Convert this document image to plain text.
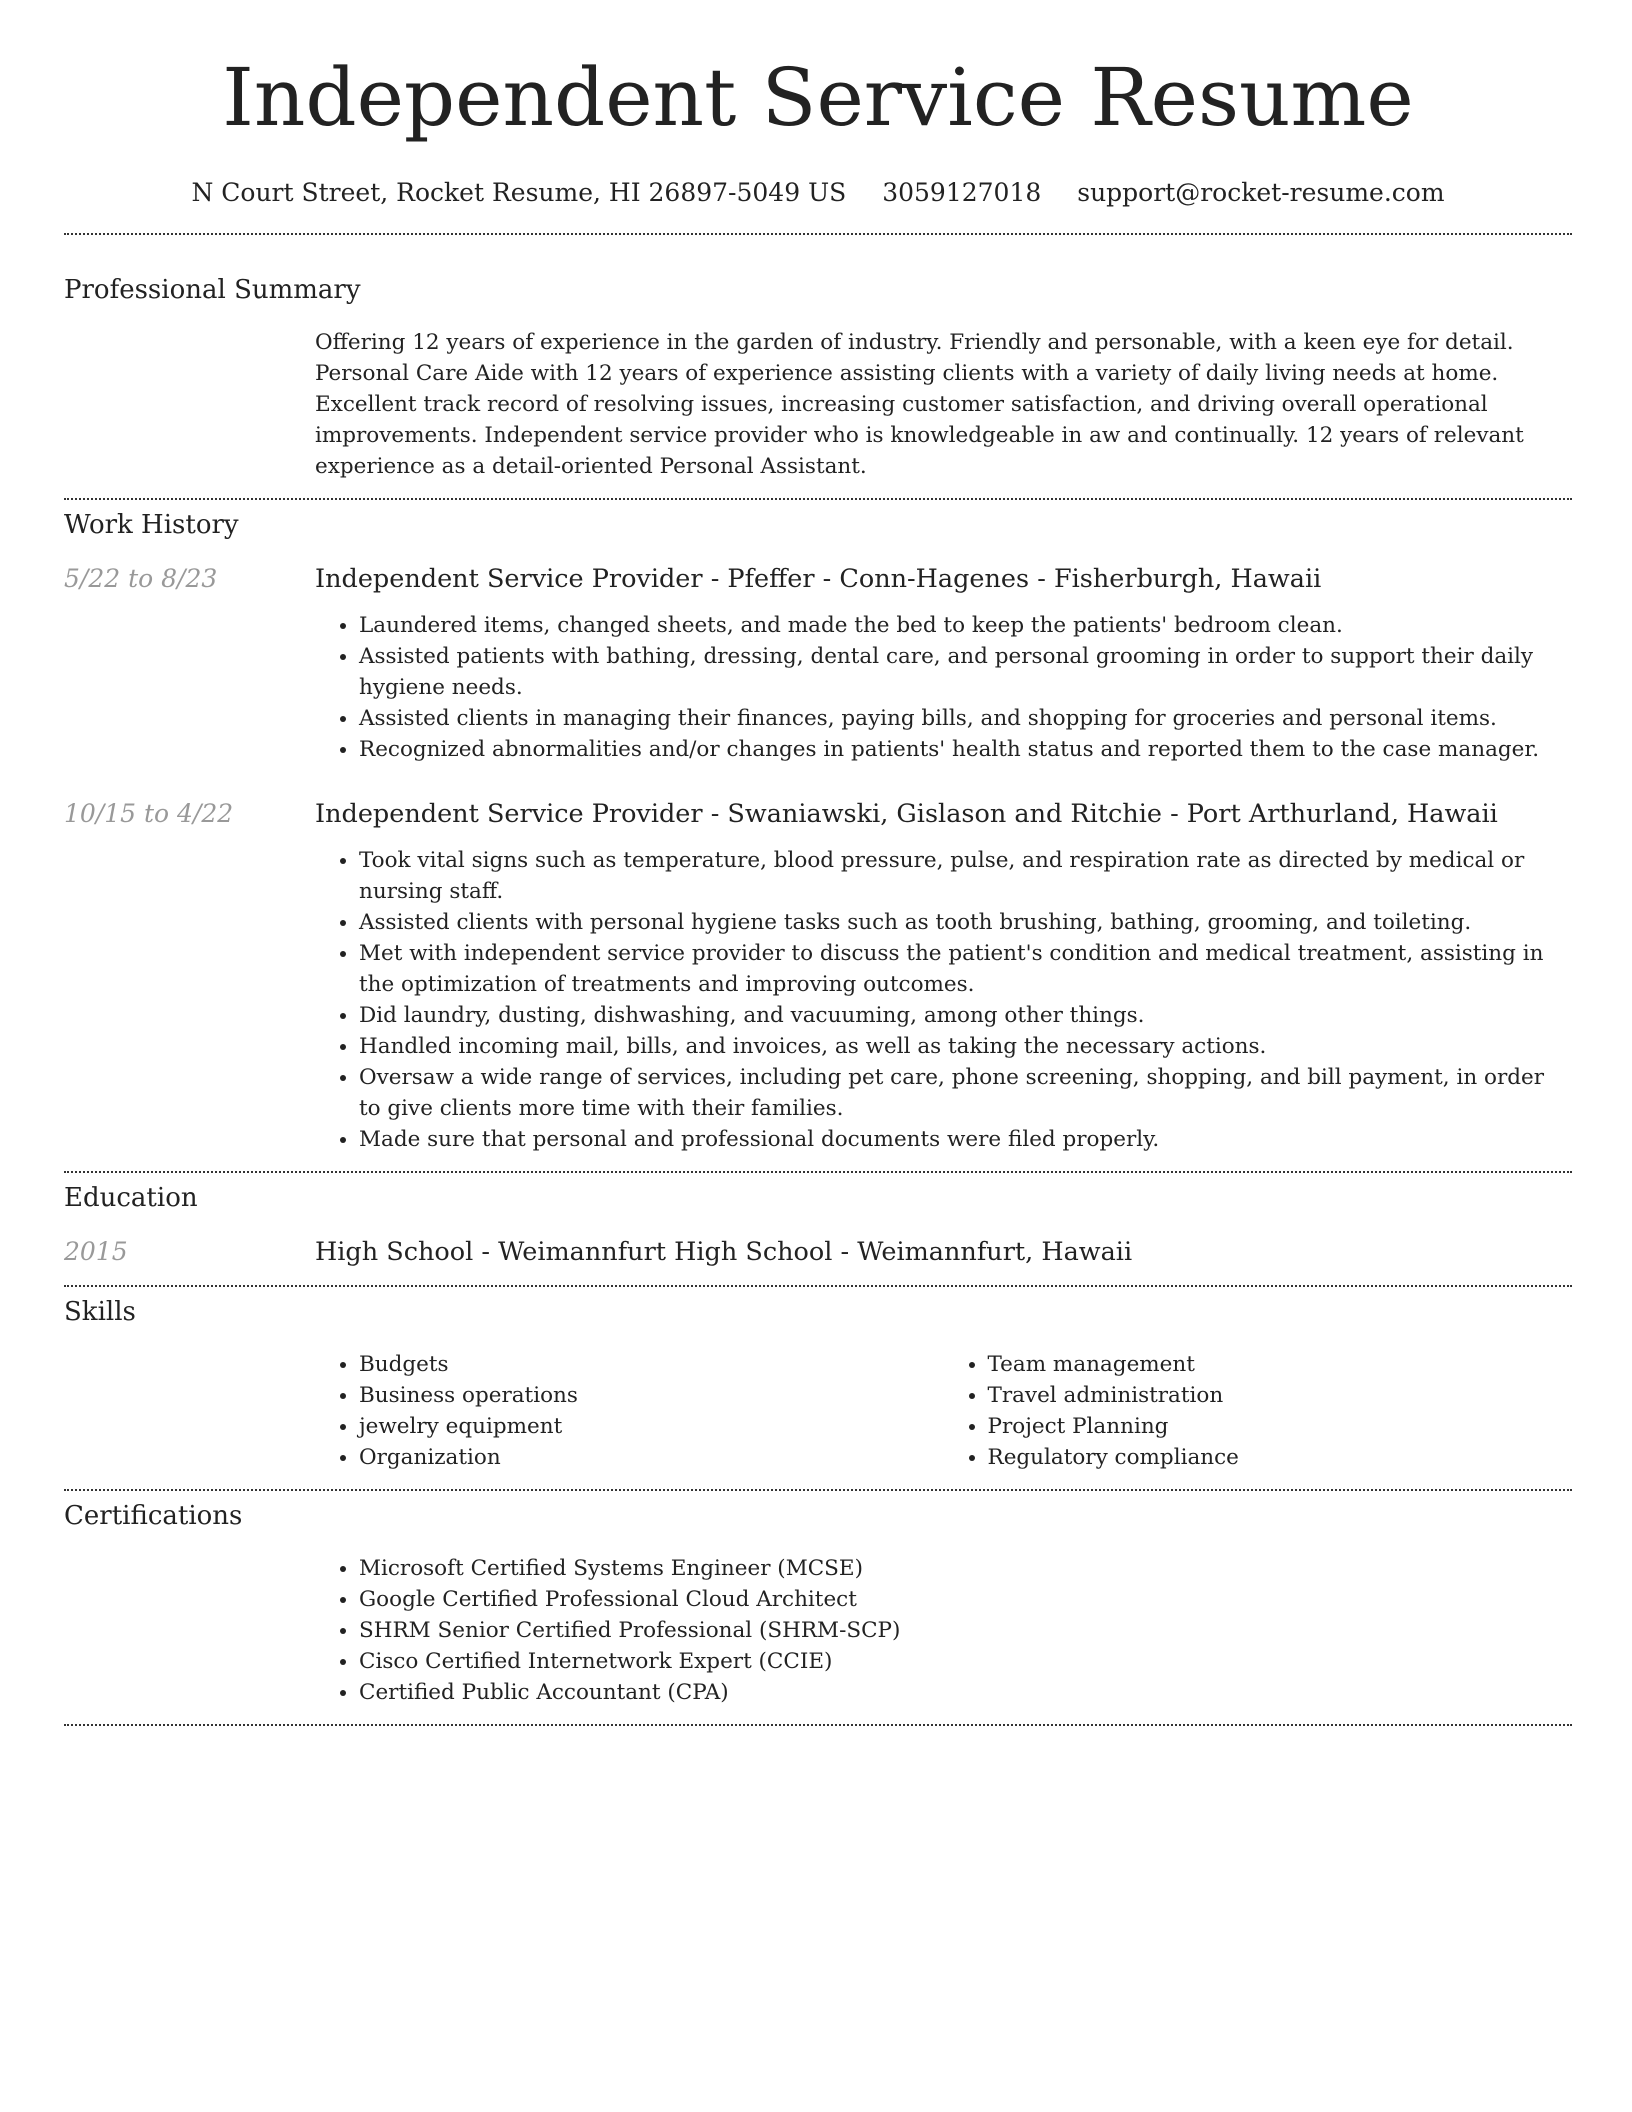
Independent Service Resume
N Court Street, Rocket Resume, HI 26897-5049 US 3059127018 support@rocket-resume.com
Professional Summary
Offering 12 years of experience in the garden of industry. Friendly and personable, with a keen eye for detail. Personal Care Aide with 12 years of experience assisting clients with a variety of daily living needs at home. Excellent track record of resolving issues, increasing customer satisfaction, and driving overall operational improvements. Independent service provider who is knowledgeable in aw and continually. 12 years of relevant experience as a detail-oriented Personal Assistant.
Work History
5/22 to 8/23	Independent Service Provider - Pfeffer - Conn-Hagenes - Fisherburgh, Hawaii
• Laundered items, changed sheets, and made the bed to keep the patients' bedroom clean.
• Assisted patients with bathing, dressing, dental care, and personal grooming in order to support their daily hygiene needs.
• Assisted clients in managing their finances, paying bills, and shopping for groceries and personal items.
• Recognized abnormalities and/or changes in patients' health status and reported them to the case manager.
10/15 to 4/22	Independent Service Provider - Swaniawski, Gislason and Ritchie - Port Arthurland, Hawaii
• Took vital signs such as temperature, blood pressure, pulse, and respiration rate as directed by medical or nursing staff.
• Assisted clients with personal hygiene tasks such as tooth brushing, bathing, grooming, and toileting.
• Met with independent service provider to discuss the patient's condition and medical treatment, assisting in the optimization of treatments and improving outcomes.
• Did laundry, dusting, dishwashing, and vacuuming, among other things.
• Handled incoming mail, bills, and invoices, as well as taking the necessary actions.
• Oversaw a wide range of services, including pet care, phone screening, shopping, and bill payment, in order to give clients more time with their families.
• Made sure that personal and professional documents were filed properly.
Education
2015	High School - Weimannfurt High School - Weimannfurt, Hawaii
Skills
• Budgets
• Business operations
• jewelry equipment
• Organization
• Team management
• Travel administration
• Project Planning
• Regulatory compliance
Certifications
• Microsoft Certified Systems Engineer (MCSE)
• Google Certified Professional Cloud Architect
• SHRM Senior Certified Professional (SHRM-SCP)
• Cisco Certified Internetwork Expert (CCIE)
• Certified Public Accountant (CPA)
